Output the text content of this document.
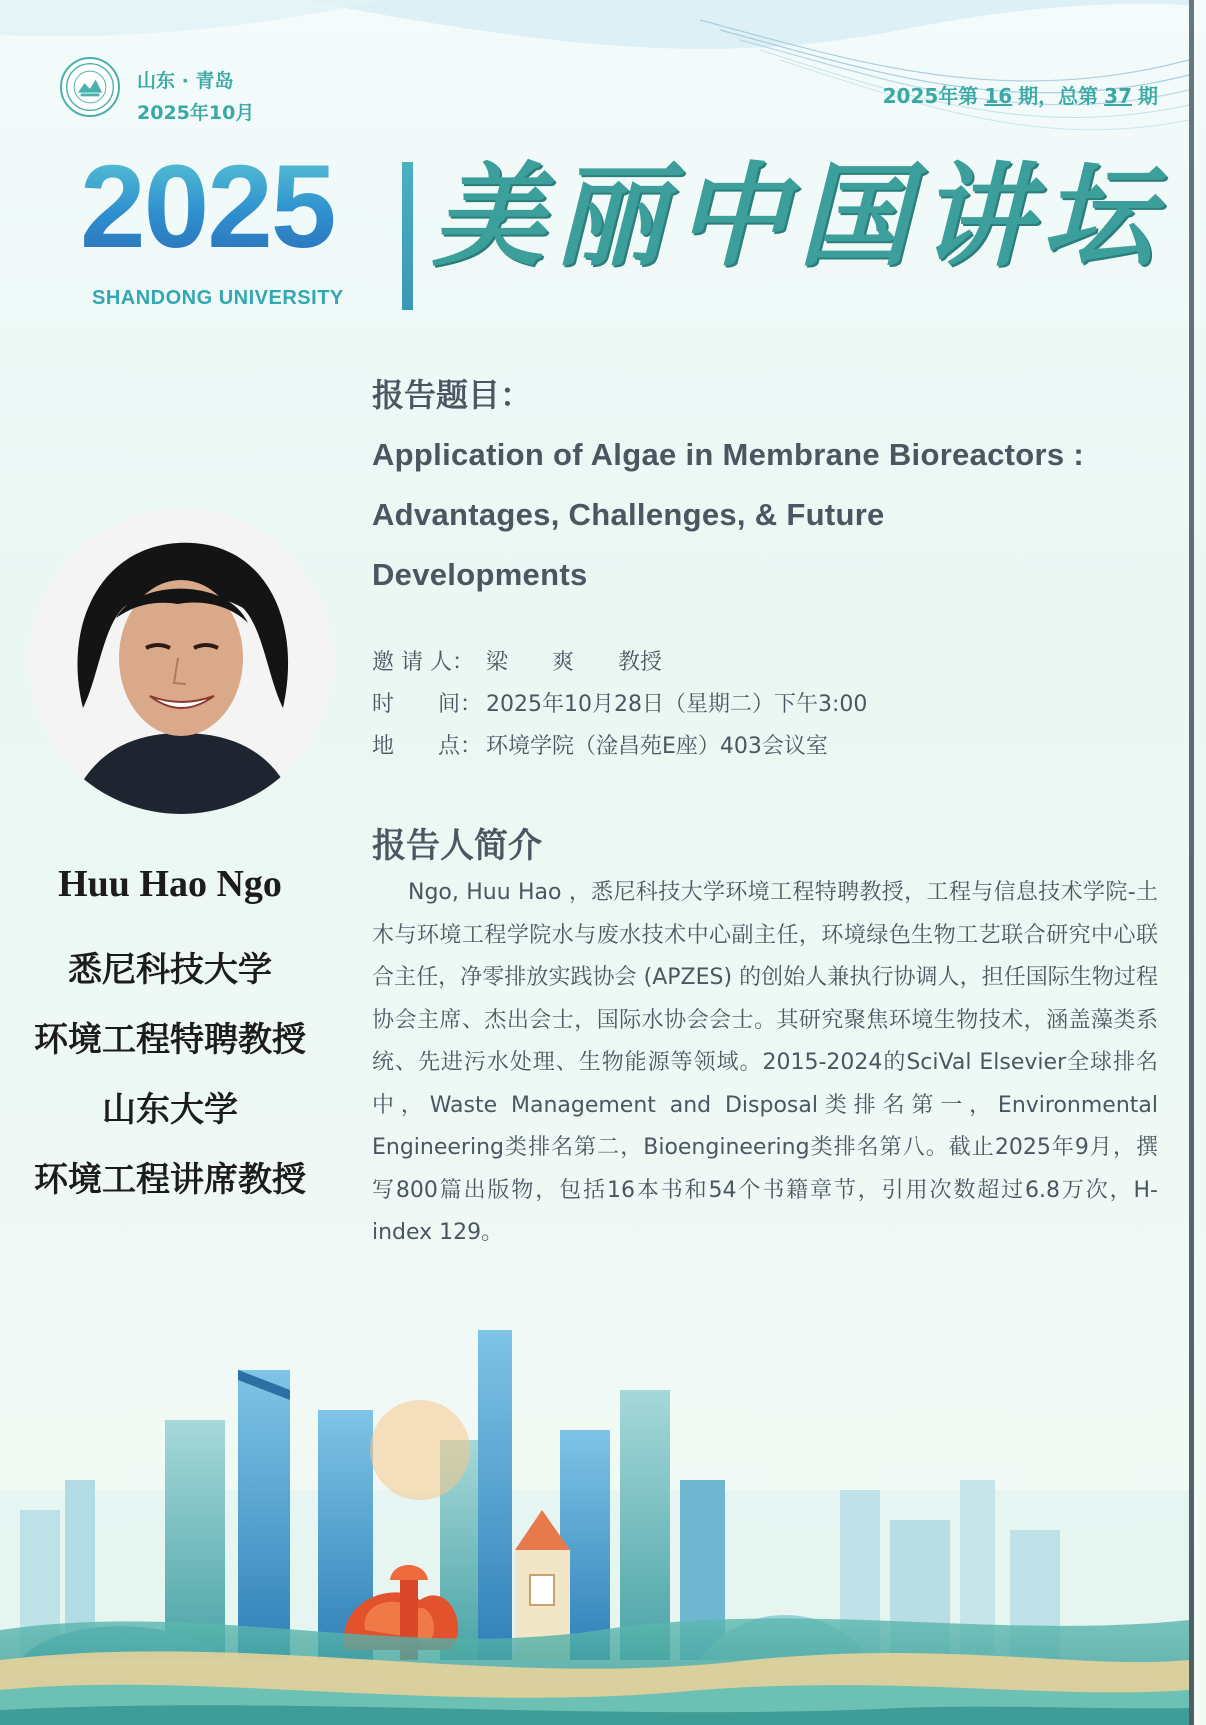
山东 · 青岛
2025年10月
2025年第 16 期，总第 37 期
2025
SHANDONG UNIVERSITY
美丽中国讲坛
Huu Hao Ngo
悉尼科技大学
环境工程特聘教授
山东大学
环境工程讲席教授
报告题目：
Application of Algae in Membrane Bioreactors :
Advantages, Challenges, & Future
Developments
邀 请 人： 梁　　爽　　教授
时　　间： 2025年10月28日（星期二）下午3:00
地　　点： 环境学院（淦昌苑E座）403会议室
报告人简介
Ngo, Huu Hao ，悉尼科技大学环境工程特聘教授，工程与信息技术学院-土木与环境工程学院水与废水技术中心副主任，环境绿色生物工艺联合研究中心联合主任，净零排放实践协会 (APZES) 的创始人兼执行协调人，担任国际生物过程协会主席、杰出会士，国际水协会会士。其研究聚焦环境生物技术，涵盖藻类系统、先进污水处理、生物能源等领域。2015-2024的SciVal Elsevier全球排名中，Waste Management and Disposal类排名第一，Environmental Engineering类排名第二，Bioengineering类排名第八。截止2025年9月，撰写800篇出版物，包括16本书和54个书籍章节，引用次数超过6.8万次，H-index 129。
